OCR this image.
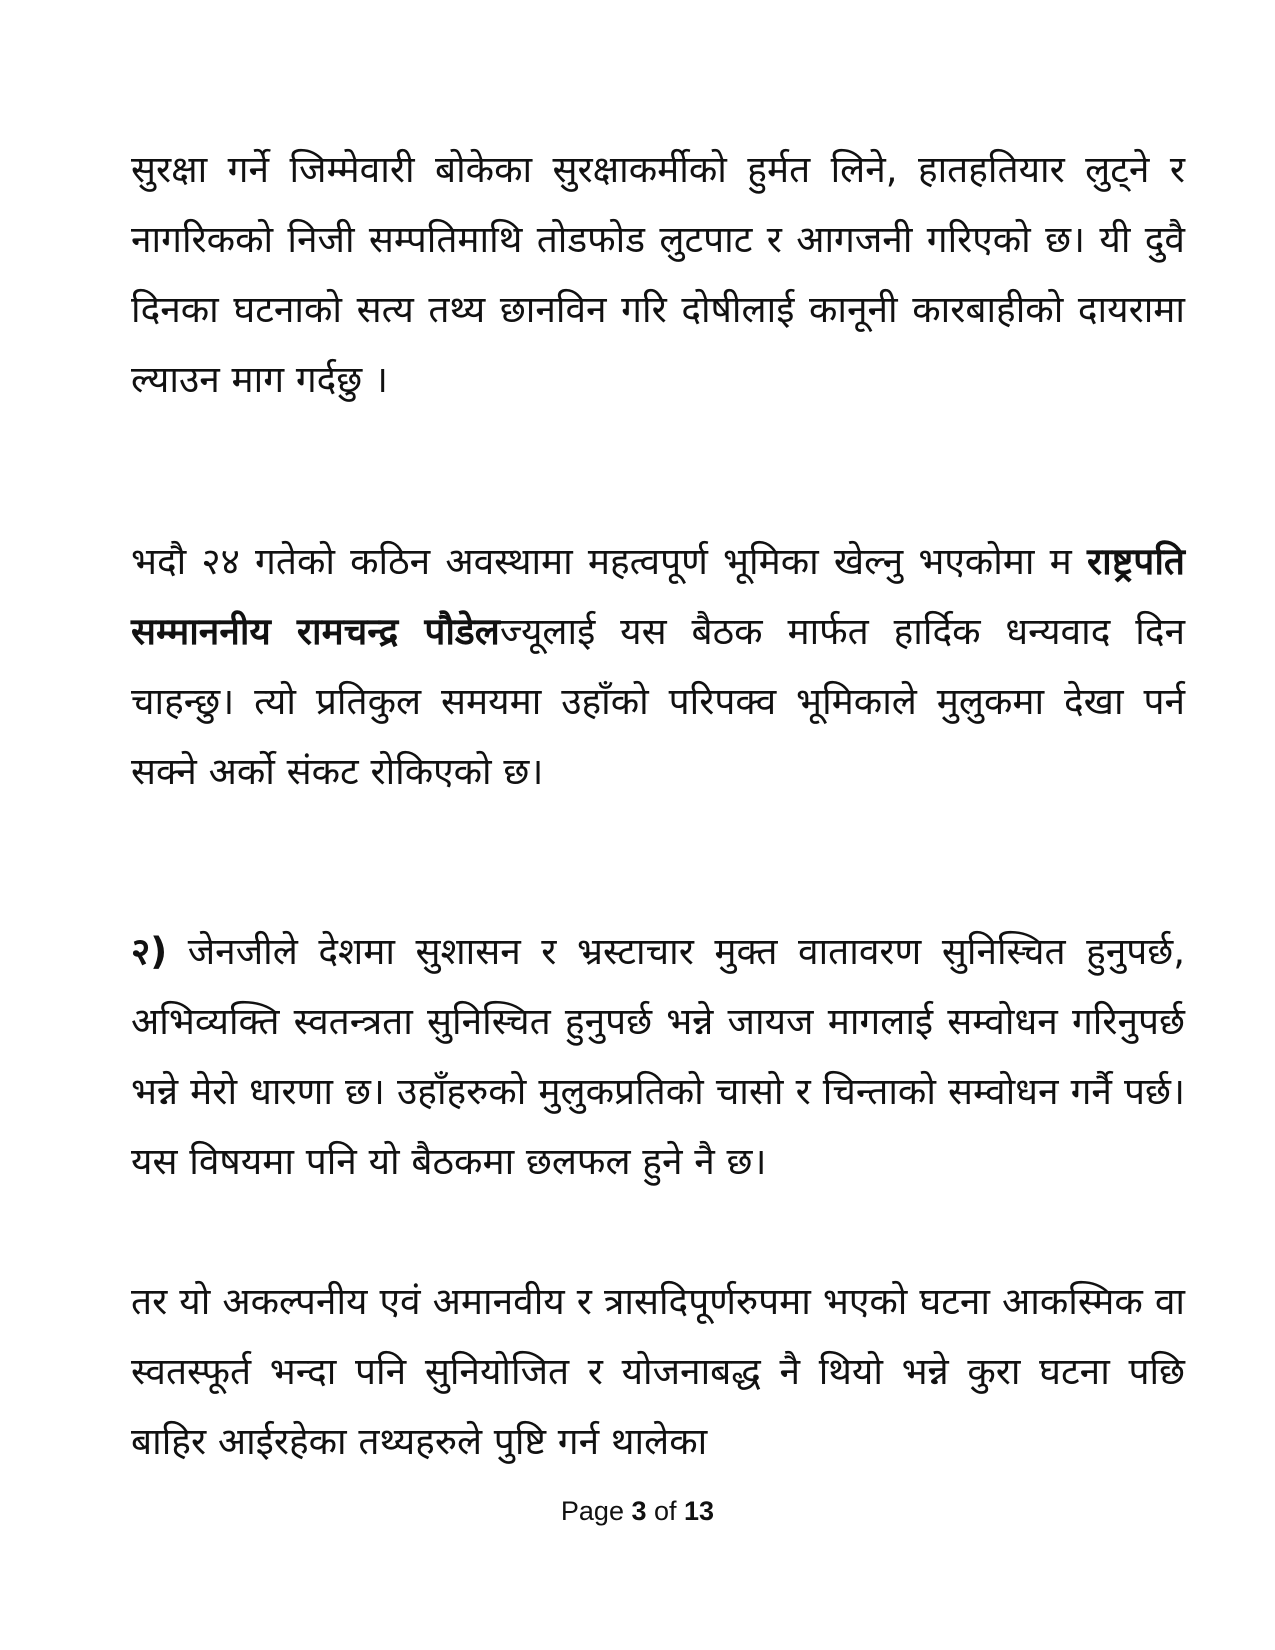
सुरक्षा गर्ने जिम्मेवारी बोकेका सुरक्षाकर्मीको हुर्मत लिने, हातहतियार लुट्ने र नागरिकको निजी सम्पतिमाथि तोडफोड लुटपाट र आगजनी गरिएको छ। यी दुवै दिनका घटनाको सत्य तथ्य छानविन गरि दोषीलाई कानूनी कारबाहीको दायरामा ल्याउन माग गर्दछु ।

भदौ २४ गतेको कठिन अवस्थामा महत्वपूर्ण भूमिका खेल्नु भएकोमा म राष्ट्रपति सम्माननीय रामचन्द्र पौडेलज्यूलाई यस बैठक मार्फत हार्दिक धन्यवाद दिन चाहन्छु। त्यो प्रतिकुल समयमा उहाँको परिपक्व भूमिकाले मुलुकमा देखा पर्न सक्ने अर्को संकट रोकिएको छ।

२) जेनजीले देशमा सुशासन र भ्रस्टाचार मुक्त वातावरण सुनिस्चित हुनुपर्छ, अभिव्यक्ति स्वतन्त्रता सुनिस्चित हुनुपर्छ भन्ने जायज मागलाई सम्वोधन गरिनुपर्छ भन्ने मेरो धारणा छ। उहाँहरुको मुलुकप्रतिको चासो र चिन्ताको सम्वोधन गर्नै पर्छ। यस विषयमा पनि यो बैठकमा छलफल हुने नै छ।

तर यो अकल्पनीय एवं अमानवीय र त्रासदिपूर्णरुपमा भएको घटना आकस्मिक वा स्वतस्फूर्त भन्दा पनि सुनियोजित र योजनाबद्ध नै थियो भन्ने कुरा घटना पछि बाहिर आईरहेका तथ्यहरुले पुष्टि गर्न थालेका

Page 3 of 13
